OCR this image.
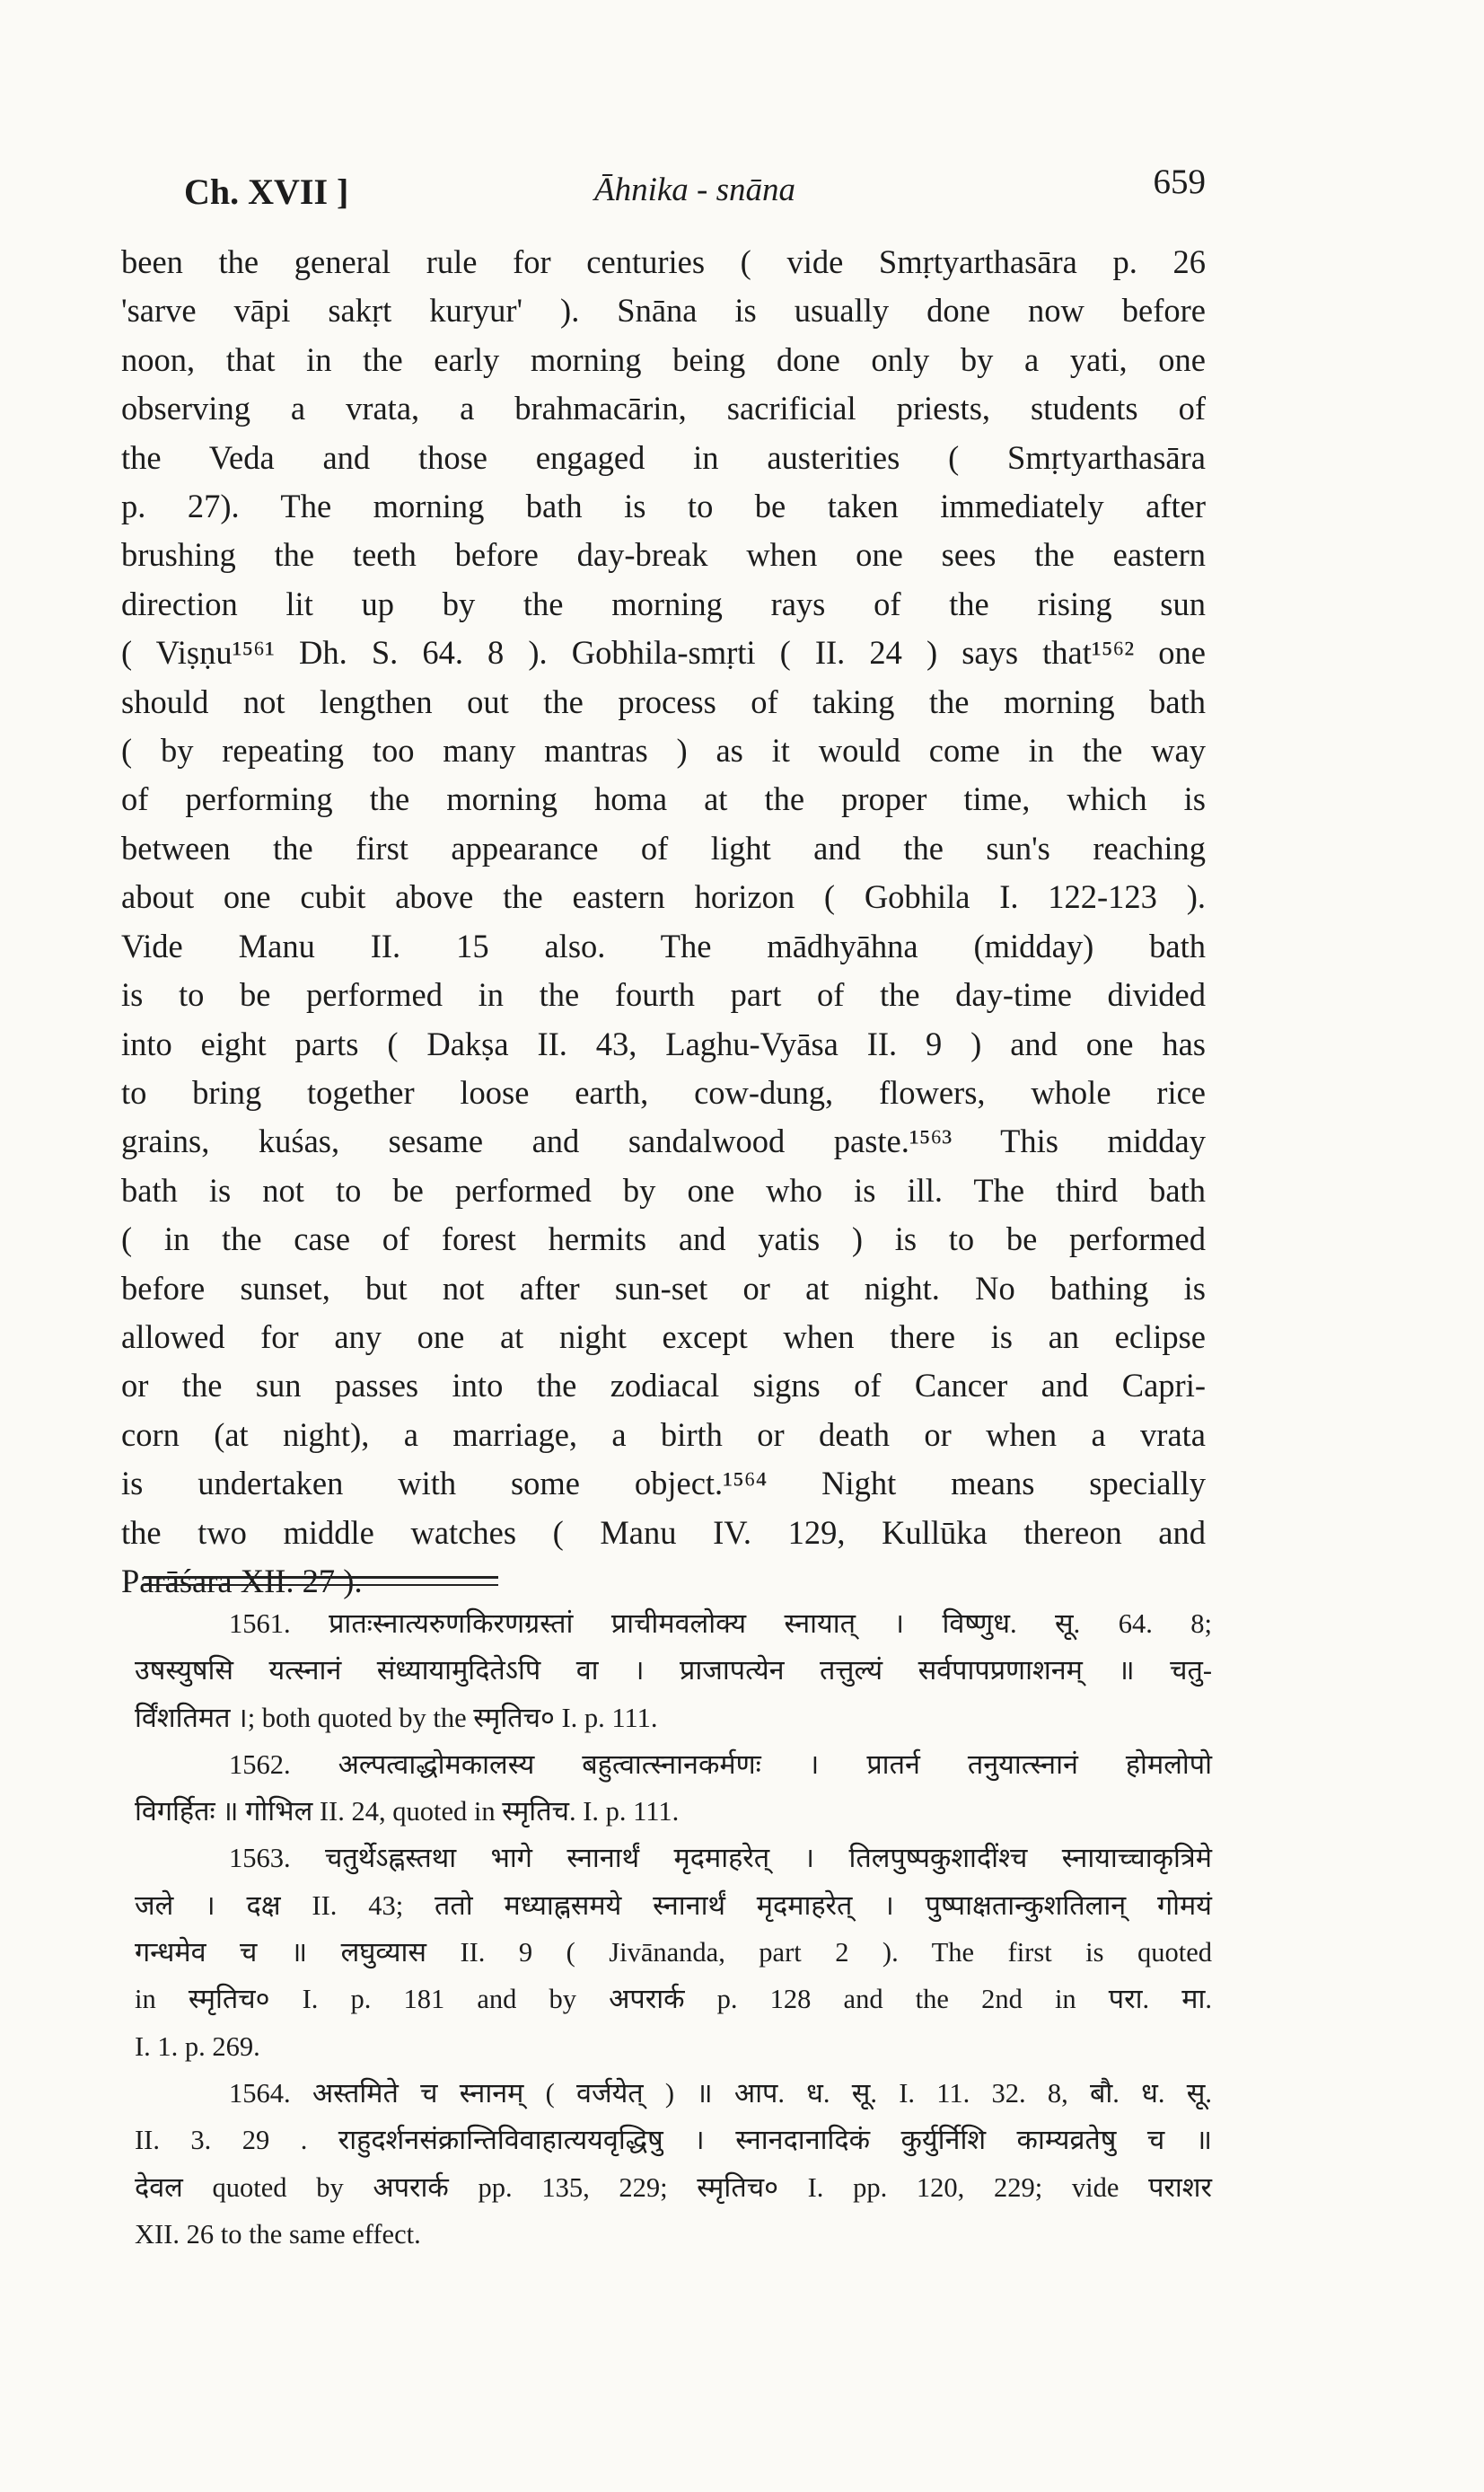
Ch. XVII ]	Āhnika - snāna	659
been the general rule for centuries ( vide Smṛtyarthasāra p. 26
'sarve vāpi sakṛt kuryur' ). Snāna is usually done now before
noon, that in the early morning being done only by a yati, one
observing a vrata, a brahmacārin, sacrificial priests, students of
the Veda and those engaged in austerities ( Smṛtyarthasāra
p. 27). The morning bath is to be taken immediately after
brushing the teeth before day-break when one sees the eastern
direction lit up by the morning rays of the rising sun
( Viṣṇu¹⁵⁶¹ Dh. S. 64. 8 ). Gobhila-smṛti ( II. 24 ) says that¹⁵⁶² one
should not lengthen out the process of taking the morning bath
( by repeating too many mantras ) as it would come in the way
of performing the morning homa at the proper time, which is
between the first appearance of light and the sun's reaching
about one cubit above the eastern horizon ( Gobhila I. 122-123 ).
Vide Manu II. 15 also. The mādhyāhna (midday) bath
is to be performed in the fourth part of the day-time divided
into eight parts ( Dakṣa II. 43, Laghu-Vyāsa II. 9 ) and one has
to bring together loose earth, cow-dung, flowers, whole rice
grains, kuśas, sesame and sandalwood paste.¹⁵⁶³ This midday
bath is not to be performed by one who is ill. The third bath
( in the case of forest hermits and yatis ) is to be performed
before sunset, but not after sun-set or at night. No bathing is
allowed for any one at night except when there is an eclipse
or the sun passes into the zodiacal signs of Cancer and Capri-
corn (at night), a marriage, a birth or death or when a vrata
is undertaken with some object.¹⁵⁶⁴ Night means specially
the two middle watches ( Manu IV. 129, Kullūka thereon and
Parāśara XII. 27 ).
1561. प्रातःस्नात्यरुणकिरणग्रस्तां प्राचीमवलोक्य स्नायात् । विष्णुध. सू. 64. 8;
उषस्युषसि यत्स्नानं संध्यायामुदितेऽपि वा । प्राजापत्येन तत्तुल्यं सर्वपापप्रणाशनम् ॥ चतु-
र्विंशतिमत ।; both quoted by the स्मृतिच० I. p. 111.
1562. अल्पत्वाद्धोमकालस्य बहुत्वात्स्नानकर्मणः । प्रातर्न तनुयात्स्नानं होमलोपो
विगर्हितः ॥ गोभिल II. 24, quoted in स्मृतिच. I. p. 111.
1563. चतुर्थेऽह्नस्तथा भागे स्नानार्थं मृदमाहरेत् । तिलपुष्पकुशादींश्च स्नायाच्चाकृत्रिमे
जले । दक्ष II. 43; ततो मध्याह्नसमये स्नानार्थं मृदमाहरेत् । पुष्पाक्षतान्कुशतिलान् गोमयं
गन्धमेव च ॥ लघुव्यास II. 9 ( Jivānanda, part 2 ). The first is quoted
in स्मृतिच० I. p. 181 and by अपरार्क p. 128 and the 2nd in परा. मा.
I. 1. p. 269.
1564. अस्तमिते च स्नानम् ( वर्जयेत् ) ॥ आप. ध. सू. I. 11. 32. 8, बौ. ध. सू.
II. 3. 29 . राहुदर्शनसंक्रान्तिविवाहात्ययवृद्धिषु । स्नानदानादिकं कुर्युर्निशि काम्यव्रतेषु च ॥
देवल quoted by अपरार्क pp. 135, 229; स्मृतिच० I. pp. 120, 229; vide पराशर
XII. 26 to the same effect.
